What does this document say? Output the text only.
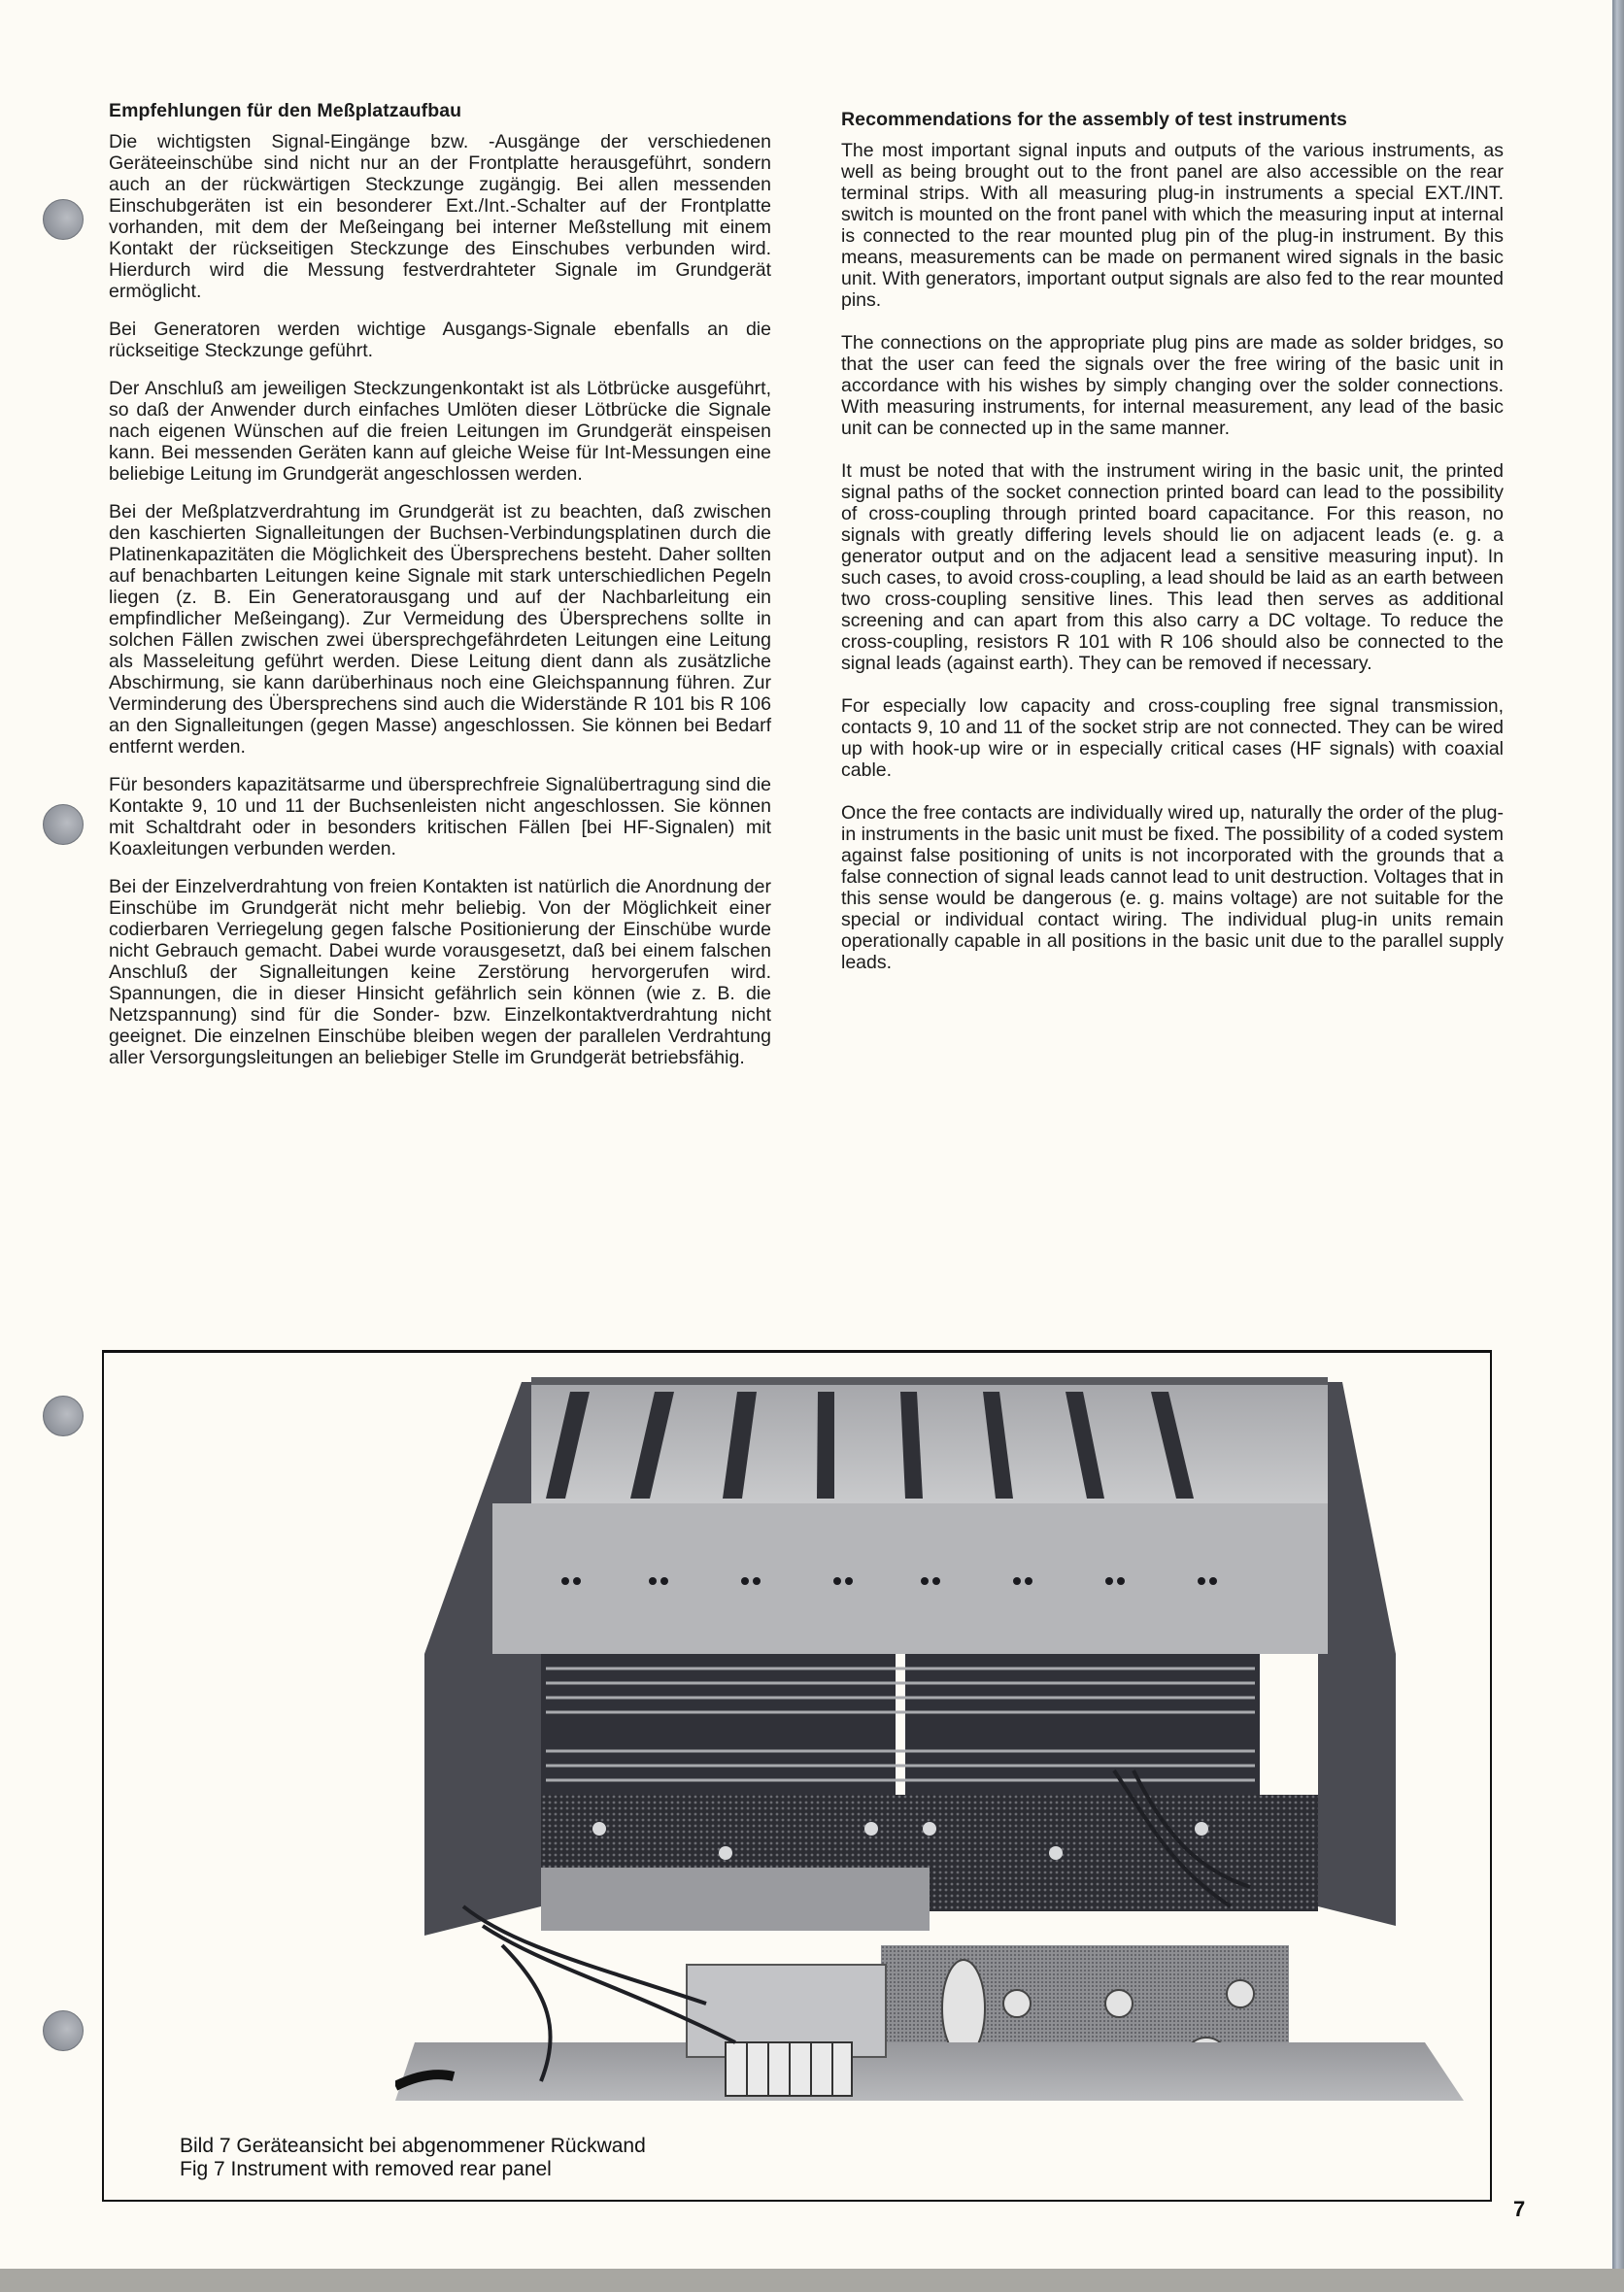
Empfehlungen für den Meßplatzaufbau

Die wichtigsten Signal-Eingänge bzw. -Ausgänge der verschiedenen Geräteeinschübe sind nicht nur an der Frontplatte herausgeführt, sondern auch an der rückwärtigen Steckzunge zugängig. Bei allen messenden Einschubgeräten ist ein besonderer Ext./Int.-Schalter auf der Frontplatte vorhanden, mit dem der Meßeingang bei interner Meßstellung mit einem Kontakt der rückseitigen Steckzunge des Einschubes verbunden wird. Hierdurch wird die Messung festverdrahteter Signale im Grundgerät ermöglicht.

Bei Generatoren werden wichtige Ausgangs-Signale ebenfalls an die rückseitige Steckzunge geführt.

Der Anschluß am jeweiligen Steckzungenkontakt ist als Lötbrücke ausgeführt, so daß der Anwender durch einfaches Umlöten dieser Lötbrücke die Signale nach eigenen Wünschen auf die freien Leitungen im Grundgerät einspeisen kann. Bei messenden Geräten kann auf gleiche Weise für Int-Messungen eine beliebige Leitung im Grundgerät angeschlossen werden.

Bei der Meßplatzverdrahtung im Grundgerät ist zu beachten, daß zwischen den kaschierten Signalleitungen der Buchsen-Verbindungsplatinen durch die Platinenkapazitäten die Möglichkeit des Übersprechens besteht. Daher sollten auf benachbarten Leitungen keine Signale mit stark unterschiedlichen Pegeln liegen (z. B. Ein Generatorausgang und auf der Nachbarleitung ein empfindlicher Meßeingang). Zur Vermeidung des Übersprechens sollte in solchen Fällen zwischen zwei übersprechgefährdeten Leitungen eine Leitung als Masseleitung geführt werden. Diese Leitung dient dann als zusätzliche Abschirmung, sie kann darüberhinaus noch eine Gleichspannung führen. Zur Verminderung des Übersprechens sind auch die Widerstände R 101 bis R 106 an den Signalleitungen (gegen Masse) angeschlossen. Sie können bei Bedarf entfernt werden.

Für besonders kapazitätsarme und übersprechfreie Signalübertragung sind die Kontakte 9, 10 und 11 der Buchsenleisten nicht angeschlossen. Sie können mit Schaltdraht oder in besonders kritischen Fällen [bei HF-Signalen) mit Koaxleitungen verbunden werden.

Bei der Einzelverdrahtung von freien Kontakten ist natürlich die Anordnung der Einschübe im Grundgerät nicht mehr beliebig. Von der Möglichkeit einer codierbaren Verriegelung gegen falsche Positionierung der Einschübe wurde nicht Gebrauch gemacht. Dabei wurde vorausgesetzt, daß bei einem falschen Anschluß der Signalleitungen keine Zerstörung hervorgerufen wird. Spannungen, die in dieser Hinsicht gefährlich sein können (wie z. B. die Netzspannung) sind für die Sonder- bzw. Einzelkontaktverdrahtung nicht geeignet. Die einzelnen Einschübe bleiben wegen der parallelen Verdrahtung aller Versorgungsleitungen an beliebiger Stelle im Grundgerät betriebsfähig.

Recommendations for the assembly of test instruments

The most important signal inputs and outputs of the various instruments, as well as being brought out to the front panel are also accessible on the rear terminal strips. With all measuring plug-in instruments a special EXT./INT. switch is mounted on the front panel with which the measuring input at internal is connected to the rear mounted plug pin of the plug-in instrument. By this means, measurements can be made on permanent wired signals in the basic unit. With generators, important output signals are also fed to the rear mounted pins.

The connections on the appropriate plug pins are made as solder bridges, so that the user can feed the signals over the free wiring of the basic unit in accordance with his wishes by simply changing over the solder connections. With measuring instruments, for internal measurement, any lead of the basic unit can be connected up in the same manner.

It must be noted that with the instrument wiring in the basic unit, the printed signal paths of the socket connection printed board can lead to the possibility of cross-coupling through printed board capacitance. For this reason, no signals with greatly differing levels should lie on adjacent leads (e. g. a generator output and on the adjacent lead a sensitive measuring input). In such cases, to avoid cross-coupling, a lead should be laid as an earth between two cross-coupling sensitive lines. This lead then serves as additional screening and can apart from this also carry a DC voltage. To reduce the cross-coupling, resistors R 101 with R 106 should also be connected to the signal leads (against earth). They can be removed if necessary.

For especially low capacity and cross-coupling free signal transmission, contacts 9, 10 and 11 of the socket strip are not connected. They can be wired up with hook-up wire or in especially critical cases (HF signals) with coaxial cable.

Once the free contacts are individually wired up, naturally the order of the plug-in instruments in the basic unit must be fixed. The possibility of a coded system against false positioning of units is not incorporated with the grounds that a false connection of signal leads cannot lead to unit destruction. Voltages that in this sense would be dangerous (e. g. mains voltage) are not suitable for the special or individual contact wiring. The individual plug-in units remain operationally capable in all positions in the basic unit due to the parallel supply leads.

Bild 7 Geräteansicht bei abgenommener Rückwand
Fig 7 Instrument with removed rear panel
7
